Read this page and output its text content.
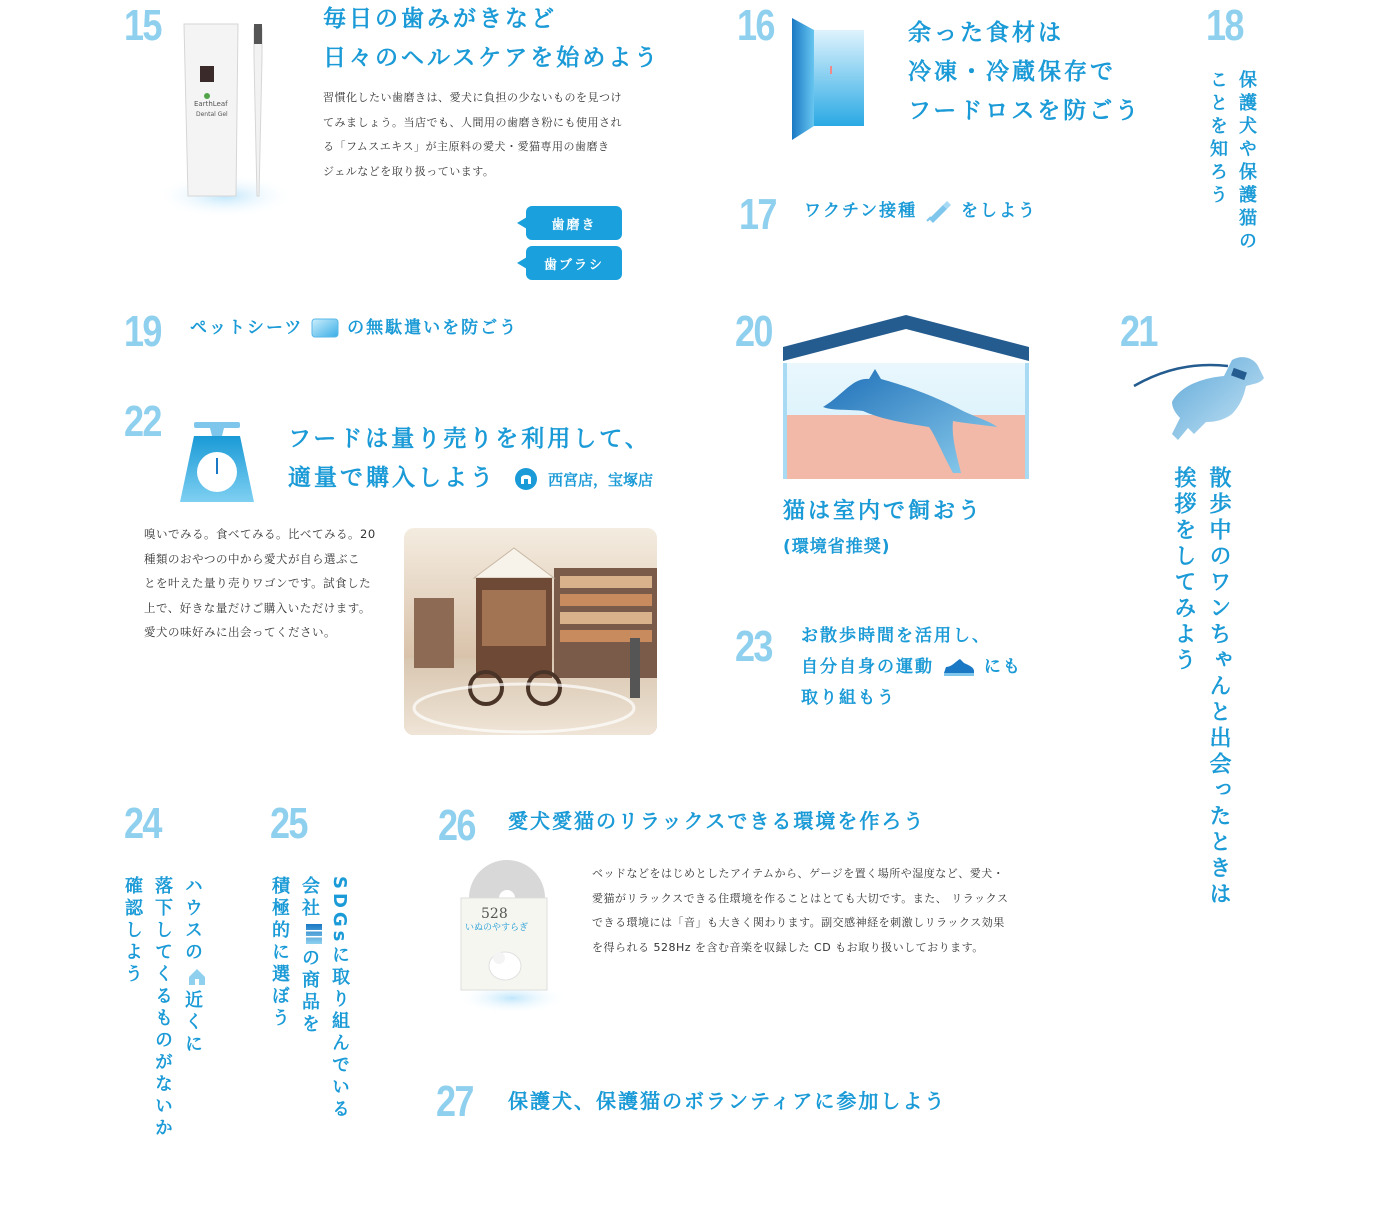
15
EarthLeaf
Dental Gel
毎日の歯みがきなど
日々のヘルスケアを始めよう
習慣化したい歯磨きは、愛犬に負担の少ないものを見つけ
てみましょう。当店でも、人間用の歯磨き粉にも使用され
る「フムスエキス」が主原料の愛犬・愛猫専用の歯磨き
ジェルなどを取り扱っています。
歯磨き
歯ブラシ
16	余った食材は
冷凍・冷蔵保存で
フードロスを防ごう
17 ワクチン接種	をしよう
18
保護犬や保護猫の
ことを知ろう
19 ペットシーツ	の無駄遣いを防ごう	20
猫は室内で飼おう
(環境省推奨)
21
散歩中のワンちゃんと出会ったときは
挨拶をしてみよう
22	フードは量り売りを利用して、
適量で購入しよう	西宮店，宝塚店
嗅いでみる。食べてみる。比べてみる。20
種類のおやつの中から愛犬が自ら選ぶこ
とを叶えた量り売りワゴンです。試食した
上で、好きな量だけご購入いただけます。
愛犬の味好みに出会ってください。	23 お散歩時間を活用し、
自分自身の運動	にも
取り組もう
24
ハウスの
近くに
落下してくるものがないか
確認しよう
25
SDGsに取り組んでいる
会社
の商品を
積極的に選ぼう
26 愛犬愛猫のリラックスできる環境を作ろう
528
いぬのやすらぎ
ベッドなどをはじめとしたアイテムから、ゲージを置く場所や湿度など、愛犬・
愛猫がリラックスできる住環境を作ることはとても大切です。また、 リラックス
できる環境には「音」も大きく関わります。副交感神経を刺激しリラックス効果
を得られる 528Hz を含む音楽を収録した CD もお取り扱いしております。
27 保護犬、保護猫のボランティアに参加しよう
